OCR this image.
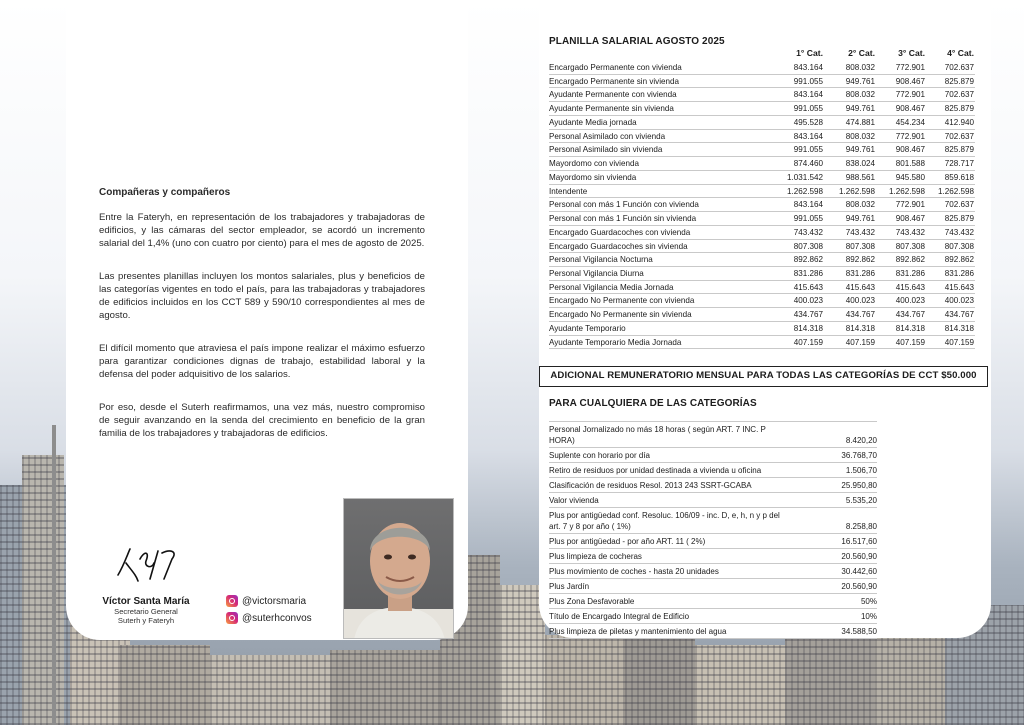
Compañeras y compañeros

Entre la Fateryh, en representación de los trabajadores y trabajadoras de edificios, y las cámaras del sector empleador, se acordó un incremento salarial del 1,4% (uno con cuatro por ciento) para el mes de agosto de 2025.

Las presentes planillas incluyen los montos salariales, plus y beneficios de las categorías vigentes en todo el país, para las trabajadoras y trabajadores de edificios incluidos en los CCT 589 y 590/10 correspondientes al mes de agosto.

El difícil momento que atraviesa el país impone realizar el máximo esfuerzo para garantizar condiciones dignas de trabajo, estabilidad laboral y la defensa del poder adquisitivo de los salarios.

Por eso, desde el Suterh reafirmamos, una vez más, nuestro compromiso de seguir avanzando en la senda del crecimiento en beneficio de la gran familia de los trabajadores y trabajadoras de edificios.

Víctor Santa María
Secretario General
Suterh y Fateryh
@victorsmaria
@suterhconvos
PLANILLA SALARIAL AGOSTO 2025
1° Cat.	2° Cat.	3° Cat.	4° Cat.
Encargado Permanente con vivienda	843.164	808.032	772.901	702.637
Encargado Permanente sin vivienda	991.055	949.761	908.467	825.879
Ayudante Permanente con vivienda	843.164	808.032	772.901	702.637
Ayudante Permanente sin vivienda	991.055	949.761	908.467	825.879
Ayudante Media jornada	495.528	474.881	454.234	412.940
Personal Asimilado con vivienda	843.164	808.032	772.901	702.637
Personal Asimilado sin vivienda	991.055	949.761	908.467	825.879
Mayordomo con vivienda	874.460	838.024	801.588	728.717
Mayordomo sin vivienda	1.031.542	988.561	945.580	859.618
Intendente	1.262.598	1.262.598	1.262.598	1.262.598
Personal con más 1 Función con vivienda	843.164	808.032	772.901	702.637
Personal con más 1 Función sin vivienda	991.055	949.761	908.467	825.879
Encargado Guardacoches con vivienda	743.432	743.432	743.432	743.432
Encargado Guardacoches sin vivienda	807.308	807.308	807.308	807.308
Personal Vigilancia Nocturna	892.862	892.862	892.862	892.862
Personal Vigilancia Diurna	831.286	831.286	831.286	831.286
Personal Vigilancia Media Jornada	415.643	415.643	415.643	415.643
Encargado No Permanente con vivienda	400.023	400.023	400.023	400.023
Encargado No Permanente sin vivienda	434.767	434.767	434.767	434.767
Ayudante Temporario	814.318	814.318	814.318	814.318
Ayudante Temporario Media Jornada	407.159	407.159	407.159	407.159
ADICIONAL REMUNERATORIO MENSUAL PARA TODAS LAS CATEGORÍAS DE CCT $50.000
PARA CUALQUIERA DE LAS CATEGORÍAS
Personal Jornalizado no más 18 horas ( según ART. 7 INC. P HORA)	8.420,20
Suplente con horario por día	36.768,70
Retiro de residuos por unidad destinada a vivienda u oficina	1.506,70
Clasificación de residuos Resol. 2013 243 SSRT-GCABA	25.950,80
Valor vivienda	5.535,20
Plus por antigüedad conf. Resoluc. 106/09 - inc. D, e, h, n y p del art. 7 y 8 por año ( 1%)	8.258,80
Plus por antigüedad - por año ART. 11 ( 2%)	16.517,60
Plus limpieza de cocheras	20.560,90
Plus movimiento de coches - hasta 20 unidades	30.442,60
Plus Jardín	20.560,90
Plus Zona Desfavorable	50%
Título de Encargado Integral de Edificio	10%
Plus limpieza de piletas y mantenimiento del agua	34.588,50
